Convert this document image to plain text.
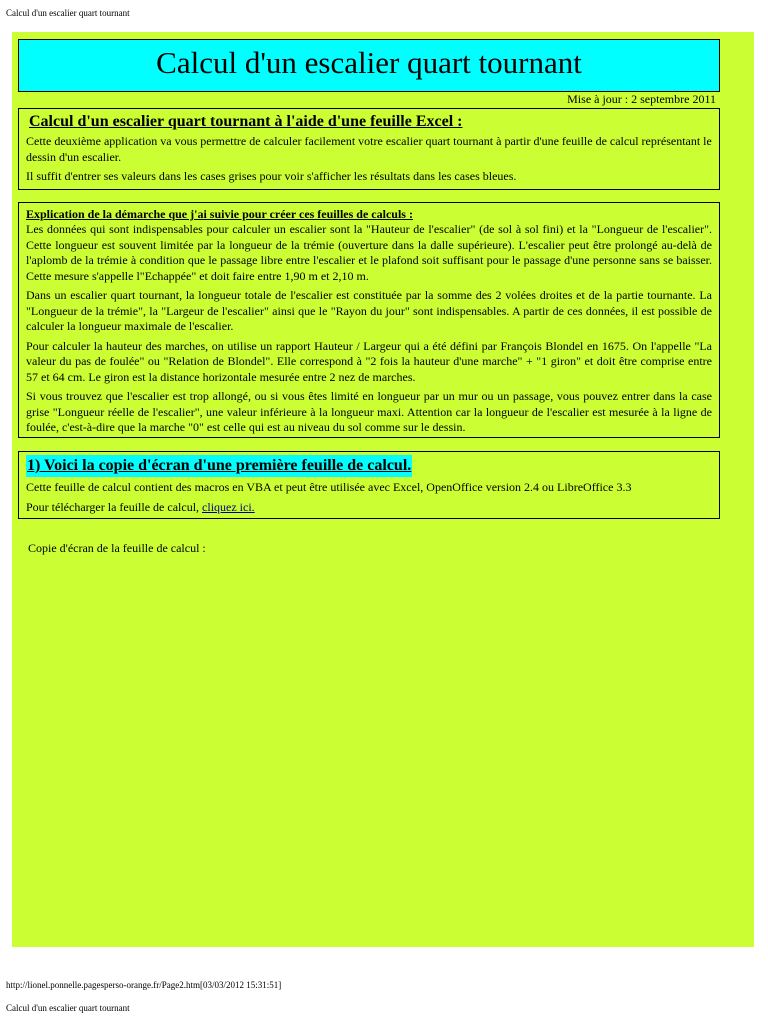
Calcul d'un escalier quart tournant
Calcul d'un escalier quart tournant
Mise à jour : 2 septembre 2011
Calcul d'un escalier quart tournant à l'aide d'une feuille Excel :

Cette deuxième application va vous permettre de calculer facilement votre escalier quart tournant à partir d'une feuille de calcul représentant le dessin d'un escalier.

Il suffit d'entrer ses valeurs dans les cases grises pour voir s'afficher les résultats dans les cases bleues.

Explication de la démarche que j'ai suivie pour créer ces feuilles de calculs :

Les données qui sont indispensables pour calculer un escalier sont la "Hauteur de l'escalier" (de sol à sol fini) et la "Longueur de l'escalier". Cette longueur est souvent limitée par la longueur de la trémie (ouverture dans la dalle supérieure). L'escalier peut être prolongé au-delà de l'aplomb de la trémie à condition que le passage libre entre l'escalier et le plafond soit suffisant pour le passage d'une personne sans se baisser. Cette mesure s'appelle l"Echappée" et doit faire entre 1,90 m et 2,10 m.

Dans un escalier quart tournant, la longueur totale de l'escalier est constituée par la somme des 2 volées droites et de la partie tournante. La "Longueur de la trémie", la "Largeur de l'escalier" ainsi que le "Rayon du jour" sont indispensables. A partir de ces données, il est possible de calculer la longueur maximale de l'escalier.

Pour calculer la hauteur des marches, on utilise un rapport Hauteur / Largeur qui a été défini par François Blondel en 1675. On l'appelle "La valeur du pas de foulée" ou "Relation de Blondel". Elle correspond à "2 fois la hauteur d'une marche" + "1 giron" et doit être comprise entre 57 et 64 cm. Le giron est la distance horizontale mesurée entre 2 nez de marches.

Si vous trouvez que l'escalier est trop allongé, ou si vous êtes limité en longueur par un mur ou un passage, vous pouvez entrer dans la case grise "Longueur réelle de l'escalier", une valeur inférieure à la longueur maxi. Attention car la longueur de l'escalier est mesurée à la ligne de foulée, c'est-à-dire que la marche "0" est celle qui est au niveau du sol comme sur le dessin.

1) Voici la copie d'écran d'une première feuille de calcul.

Cette feuille de calcul contient des macros en VBA et peut être utilisée avec Excel, OpenOffice version 2.4 ou LibreOffice 3.3

Pour télécharger la feuille de calcul, cliquez ici.

Copie d'écran de la feuille de calcul :
http://lionel.ponnelle.pagesperso-orange.fr/Page2.htm[03/03/2012 15:31:51]
Calcul d'un escalier quart tournant
